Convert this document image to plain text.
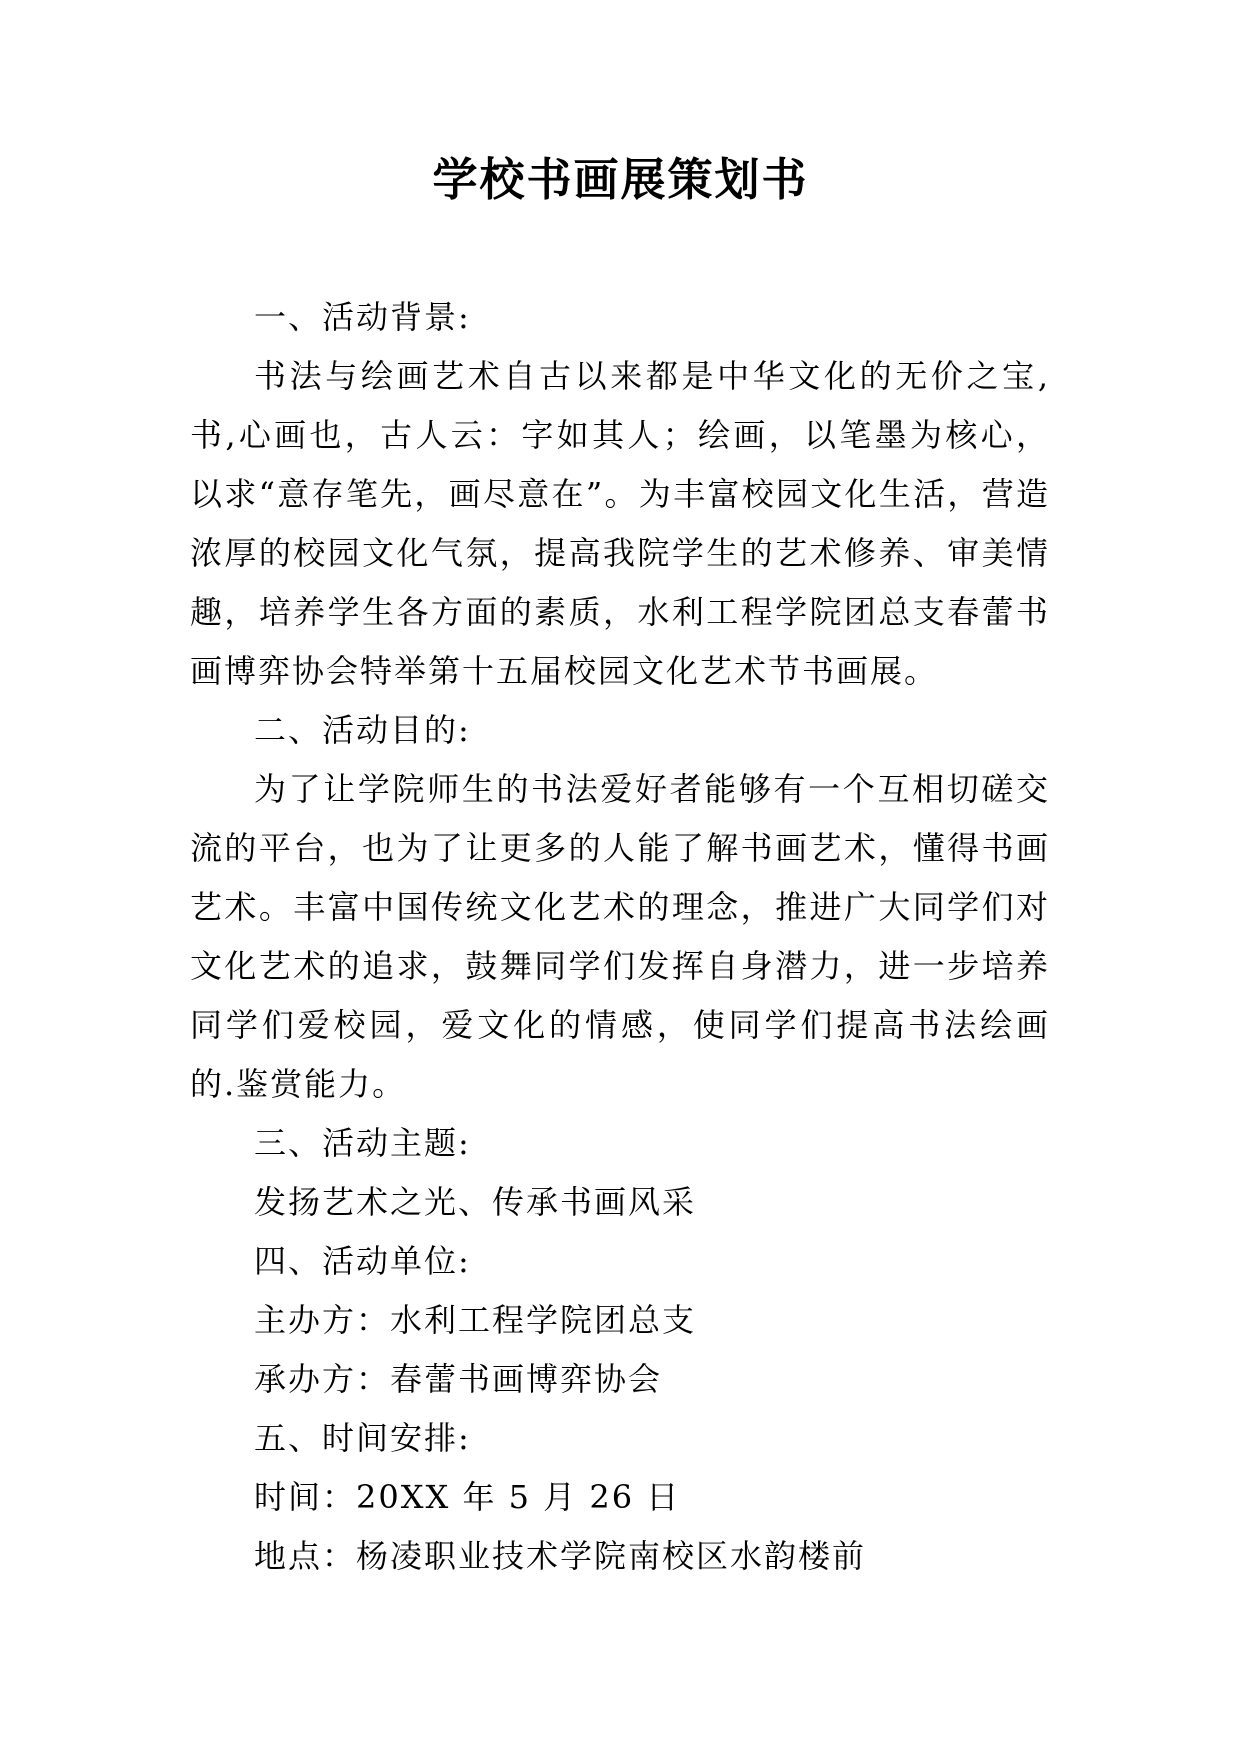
学校书画展策划书

一、活动背景:

书法与绘画艺术自古以来都是中华文化的无价之宝,书,心画也，古人云：字如其人；绘画，以笔墨为核心，以求“意存笔先，画尽意在”。为丰富校园文化生活，营造浓厚的校园文化气氛，提高我院学生的艺术修养、审美情趣，培养学生各方面的素质，水利工程学院团总支春蕾书画博弈协会特举第十五届校园文化艺术节书画展。

二、活动目的:

为了让学院师生的书法爱好者能够有一个互相切磋交流的平台，也为了让更多的人能了解书画艺术，懂得书画艺术。丰富中国传统文化艺术的理念，推进广大同学们对文化艺术的追求，鼓舞同学们发挥自身潜力，进一步培养同学们爱校园，爱文化的情感，使同学们提高书法绘画的.鉴赏能力。

三、活动主题:

发扬艺术之光、传承书画风采

四、活动单位:

主办方：水利工程学院团总支

承办方：春蕾书画博弈协会

五、时间安排:

时间：20XX 年 5 月 26 日

地点：杨凌职业技术学院南校区水韵楼前
